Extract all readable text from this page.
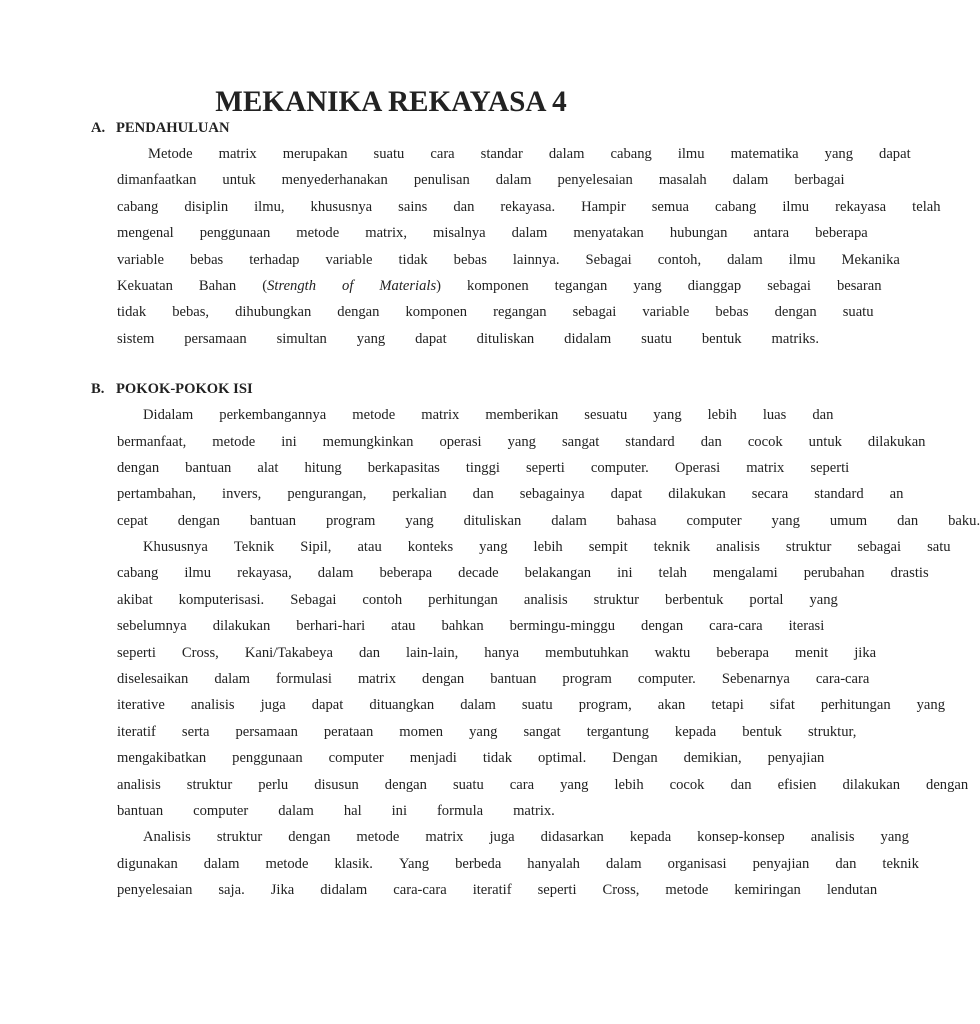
MEKANIKA REKAYASA 4
A. PENDAHULUAN
Metode	matrix	merupakan	suatu	cara	standar	dalam	cabang	ilmu	matematika	yang	dapat
dimanfaatkan	untuk	menyederhanakan	penulisan	dalam	penyelesaian	masalah	dalam	berbagai
cabang	disiplin	ilmu,	khususnya	sains	dan	rekayasa.	Hampir	semua	cabang	ilmu	rekayasa	telah
mengenal	penggunaan	metode	matrix,	misalnya	dalam	menyatakan	hubungan	antara	beberapa
variable	bebas	terhadap	variable	tidak	bebas	lainnya.	Sebagai	contoh,	dalam	ilmu	Mekanika
Kekuatan	Bahan	(Strength	of	Materials)	komponen	tegangan	yang	dianggap	sebagai	besaran
tidak	bebas,	dihubungkan	dengan	komponen	regangan	sebagai	variable	bebas	dengan	suatu
sistem	persamaan	simultan	yang	dapat	dituliskan	didalam	suatu	bentuk	matriks.
B. POKOK-POKOK ISI
Didalam	perkembangannya	metode	matrix	memberikan	sesuatu	yang	lebih	luas	dan
bermanfaat,	metode	ini	memungkinkan	operasi	yang	sangat	standard	dan	cocok	untuk	dilakukan
dengan	bantuan	alat	hitung	berkapasitas	tinggi	seperti	computer.	Operasi	matrix	seperti
pertambahan,	invers,	pengurangan,	perkalian	dan	sebagainya	dapat	dilakukan	secara	standard	an
cepat	dengan	bantuan	program	yang	dituliskan	dalam	bahasa	computer	yang	umum	dan	baku.
Khususnya	Teknik	Sipil,	atau	konteks	yang	lebih	sempit	teknik	analisis	struktur	sebagai	satu
cabang	ilmu	rekayasa,	dalam	beberapa	decade	belakangan	ini	telah	mengalami	perubahan	drastis
akibat	komputerisasi.	Sebagai	contoh	perhitungan	analisis	struktur	berbentuk	portal	yang
sebelumnya	dilakukan	berhari-hari	atau	bahkan	bermingu-minggu	dengan	cara-cara	iterasi
seperti	Cross,	Kani/Takabeya	dan	lain-lain,	hanya	membutuhkan	waktu	beberapa	menit	jika
diselesaikan	dalam	formulasi	matrix	dengan	bantuan	program	computer.	Sebenarnya	cara-cara
iterative	analisis	juga	dapat	dituangkan	dalam	suatu	program,	akan	tetapi	sifat	perhitungan	yang
iteratif	serta	persamaan	perataan	momen	yang	sangat	tergantung	kepada	bentuk	struktur,
mengakibatkan	penggunaan	computer	menjadi	tidak	optimal.	Dengan	demikian,	penyajian
analisis	struktur	perlu	disusun	dengan	suatu	cara	yang	lebih	cocok	dan	efisien	dilakukan	dengan
bantuan	computer	dalam	hal	ini	formula	matrix.
Analisis	struktur	dengan	metode	matrix	juga	didasarkan	kepada	konsep-konsep	analisis	yang
digunakan	dalam	metode	klasik.	Yang	berbeda	hanyalah	dalam	organisasi	penyajian	dan	teknik
penyelesaian	saja.	Jika	didalam	cara-cara	iteratif	seperti	Cross,	metode	kemiringan	lendutan
